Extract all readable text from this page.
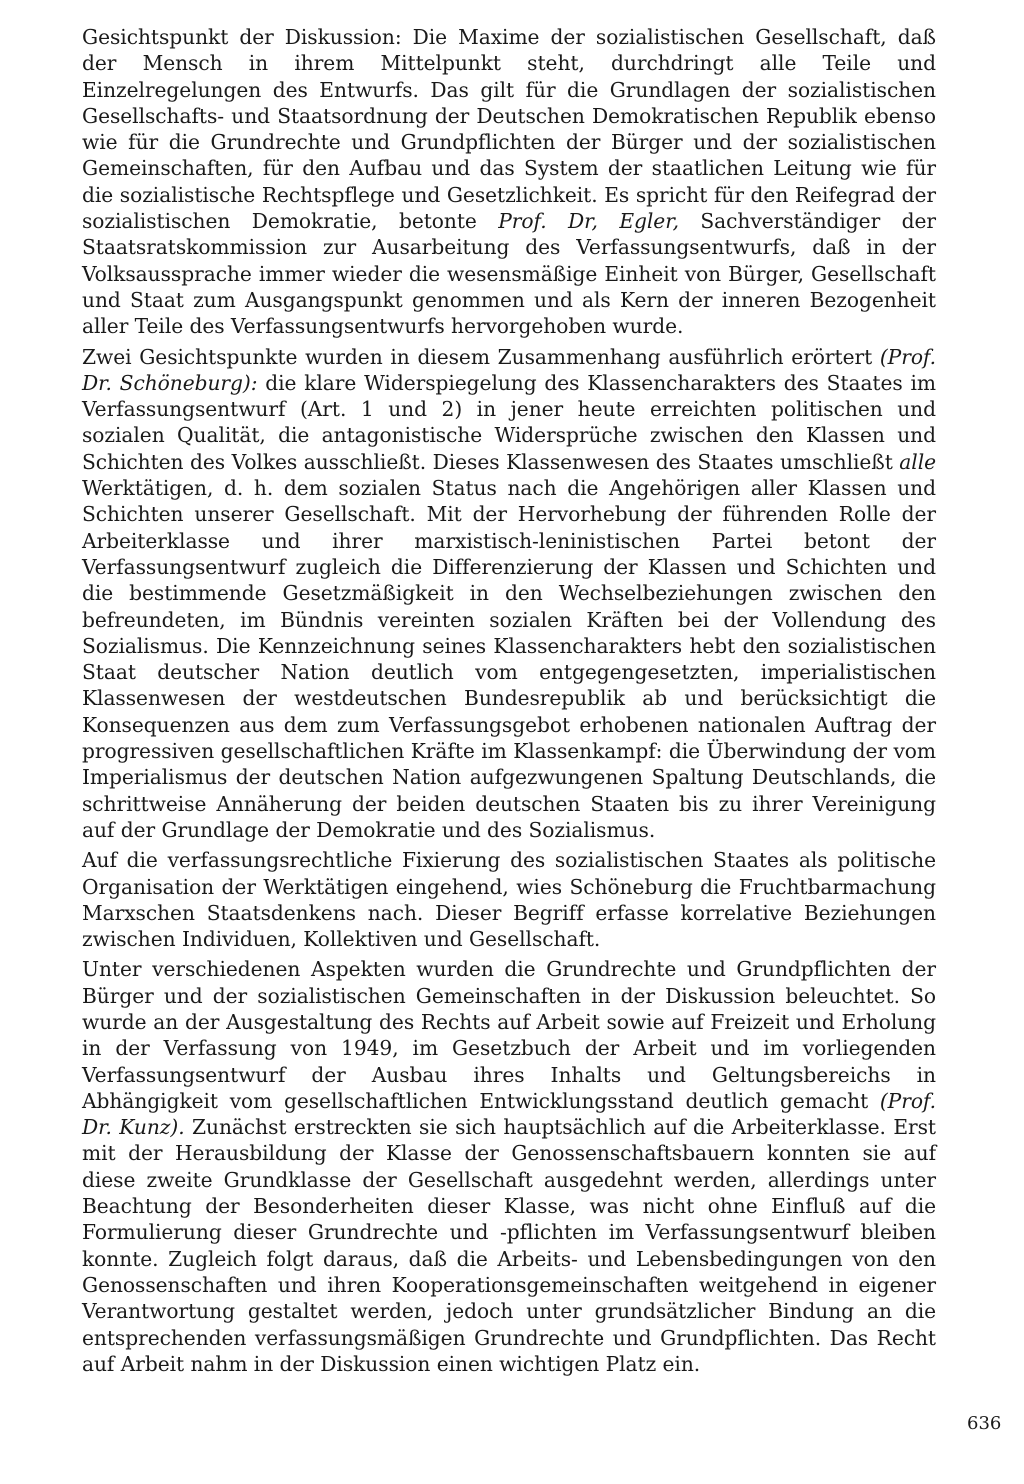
Gesichtspunkt der Diskussion: Die Maxime der sozialistischen Gesellschaft, daß der Mensch in ihrem Mittelpunkt steht, durchdringt alle Teile und Einzelregelungen des Entwurfs. Das gilt für die Grundlagen der sozialistischen Gesellschafts- und Staatsordnung der Deutschen Demokratischen Republik ebenso wie für die Grundrechte und Grundpflichten der Bürger und der sozialistischen Gemeinschaften, für den Aufbau und das System der staatlichen Leitung wie für die sozialistische Rechtspflege und Gesetzlichkeit. Es spricht für den Reifegrad der sozialistischen Demokratie, betonte Prof. Dr, Egler, Sachverständiger der Staatsratskommission zur Ausarbeitung des Verfassungsentwurfs, daß in der Volksaussprache immer wieder die wesensmäßige Einheit von Bürger, Gesellschaft und Staat zum Ausgangspunkt genommen und als Kern der inneren Bezogenheit aller Teile des Verfassungsentwurfs hervorgehoben wurde.

Zwei Gesichtspunkte wurden in diesem Zusammenhang ausführlich erörtert (Prof. Dr. Schöneburg): die klare Widerspiegelung des Klassencharakters des Staates im Verfassungsentwurf (Art. 1 und 2) in jener heute erreichten politischen und sozialen Qualität, die antagonistische Widersprüche zwischen den Klassen und Schichten des Volkes ausschließt. Dieses Klassenwesen des Staates umschließt alle Werktätigen, d. h. dem sozialen Status nach die Angehörigen aller Klassen und Schichten unserer Gesellschaft. Mit der Hervorhebung der führenden Rolle der Arbeiterklasse und ihrer marxistisch-leninistischen Partei betont der Verfassungsentwurf zugleich die Differenzierung der Klassen und Schichten und die bestimmende Gesetzmäßigkeit in den Wechselbeziehungen zwischen den befreundeten, im Bündnis vereinten sozialen Kräften bei der Vollendung des Sozialismus. Die Kennzeichnung seines Klassencharakters hebt den sozialistischen Staat deutscher Nation deutlich vom entgegengesetzten, imperialistischen Klassenwesen der westdeutschen Bundesrepublik ab und berücksichtigt die Konsequenzen aus dem zum Verfassungsgebot erhobenen nationalen Auftrag der progressiven gesellschaftlichen Kräfte im Klassenkampf: die Überwindung der vom Imperialismus der deutschen Nation aufgezwungenen Spaltung Deutschlands, die schrittweise Annäherung der beiden deutschen Staaten bis zu ihrer Vereinigung auf der Grundlage der Demokratie und des Sozialismus.

Auf die verfassungsrechtliche Fixierung des sozialistischen Staates als politische Organisation der Werktätigen eingehend, wies Schöneburg die Fruchtbarmachung Marxschen Staatsdenkens nach. Dieser Begriff erfasse korrelative Beziehungen zwischen Individuen, Kollektiven und Gesellschaft.

Unter verschiedenen Aspekten wurden die Grundrechte und Grundpflichten der Bürger und der sozialistischen Gemeinschaften in der Diskussion beleuchtet. So wurde an der Ausgestaltung des Rechts auf Arbeit sowie auf Freizeit und Erholung in der Verfassung von 1949, im Gesetzbuch der Arbeit und im vorliegenden Verfassungsentwurf der Ausbau ihres Inhalts und Geltungsbereichs in Abhängigkeit vom gesellschaftlichen Entwicklungsstand deutlich gemacht (Prof. Dr. Kunz). Zunächst erstreckten sie sich hauptsächlich auf die Arbeiterklasse. Erst mit der Herausbildung der Klasse der Genossenschaftsbauern konnten sie auf diese zweite Grundklasse der Gesellschaft ausgedehnt werden, allerdings unter Beachtung der Besonderheiten dieser Klasse, was nicht ohne Einfluß auf die Formulierung dieser Grundrechte und -pflichten im Verfassungsentwurf bleiben konnte. Zugleich folgt daraus, daß die Arbeits- und Lebensbedingungen von den Genossenschaften und ihren Kooperationsgemeinschaften weitgehend in eigener Verantwortung gestaltet werden, jedoch unter grundsätzlicher Bindung an die entsprechenden verfassungsmäßigen Grundrechte und Grundpflichten. Das Recht auf Arbeit nahm in der Diskussion einen wichtigen Platz ein.

636
